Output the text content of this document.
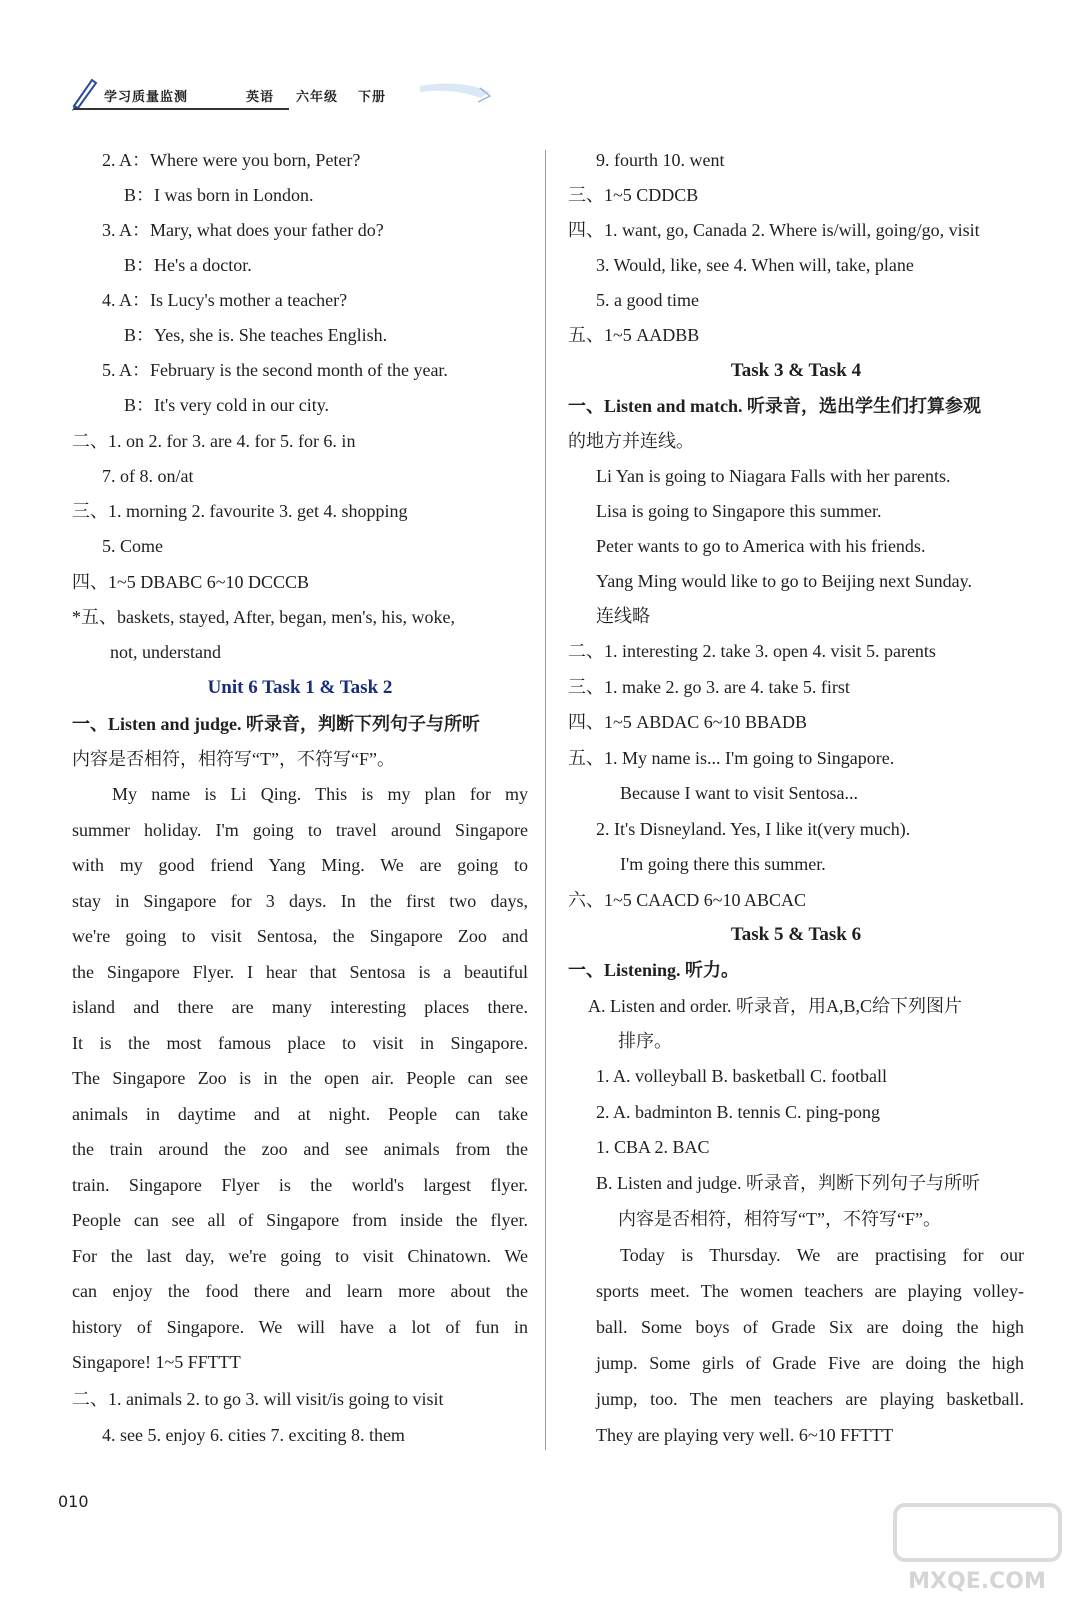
学习质量监测	英语 六年级 下册
2. A：Where were you born, Peter?
B：I was born in London.
3. A：Mary, what does your father do?
B：He's a doctor.
4. A：Is Lucy's mother a teacher?
B：Yes, she is. She teaches English.
5. A：February is the second month of the year.
B：It's very cold in our city.
二、1. on 2. for 3. are 4. for 5. for 6. in
7. of 8. on/at
三、1. morning 2. favourite 3. get 4. shopping
5. Come
四、1~5 DBABC 6~10 DCCCB
*五、baskets, stayed, After, began, men's, his, woke,
not, understand
Unit 6 Task 1 & Task 2
一、Listen and judge. 听录音，判断下列句子与所听
内容是否相符，相符写“T”，不符写“F”。
My name is Li Qing. This is my plan for my
summer holiday. I'm going to travel around Singapore
with my good friend Yang Ming. We are going to
stay in Singapore for 3 days. In the first two days,
we're going to visit Sentosa, the Singapore Zoo and
the Singapore Flyer. I hear that Sentosa is a beautiful
island and there are many interesting places there.
It is the most famous place to visit in Singapore.
The Singapore Zoo is in the open air. People can see
animals in daytime and at night. People can take
the train around the zoo and see animals from the
train. Singapore Flyer is the world's largest flyer.
People can see all of Singapore from inside the flyer.
For the last day, we're going to visit Chinatown. We
can enjoy the food there and learn more about the
history of Singapore. We will have a lot of fun in
Singapore! 1~5 FFTTT
二、1. animals 2. to go 3. will visit/is going to visit
4. see 5. enjoy 6. cities 7. exciting 8. them
9. fourth 10. went
三、1~5 CDDCB
四、1. want, go, Canada 2. Where is/will, going/go, visit
3. Would, like, see 4. When will, take, plane
5. a good time
五、1~5 AADBB
Task 3 & Task 4
一、Listen and match. 听录音，选出学生们打算参观
的地方并连线。
Li Yan is going to Niagara Falls with her parents.
Lisa is going to Singapore this summer.
Peter wants to go to America with his friends.
Yang Ming would like to go to Beijing next Sunday.
连线略
二、1. interesting 2. take 3. open 4. visit 5. parents
三、1. make 2. go 3. are 4. take 5. first
四、1~5 ABDAC 6~10 BBADB
五、1. My name is... I'm going to Singapore.
Because I want to visit Sentosa...
2. It's Disneyland. Yes, I like it(very much).
I'm going there this summer.
六、1~5 CAACD 6~10 ABCAC
Task 5 & Task 6
一、Listening. 听力。
A. Listen and order. 听录音，用A,B,C给下列图片
排序。
1. A. volleyball B. basketball C. football
2. A. badminton B. tennis C. ping-pong
1. CBA 2. BAC
B. Listen and judge. 听录音，判断下列句子与所听
内容是否相符，相符写“T”，不符写“F”。
Today is Thursday. We are practising for our
sports meet. The women teachers are playing volley-
ball. Some boys of Grade Six are doing the high
jump. Some girls of Grade Five are doing the high
jump, too. The men teachers are playing basketball.
They are playing very well. 6~10 FFTTT
010
MXQE.COM
